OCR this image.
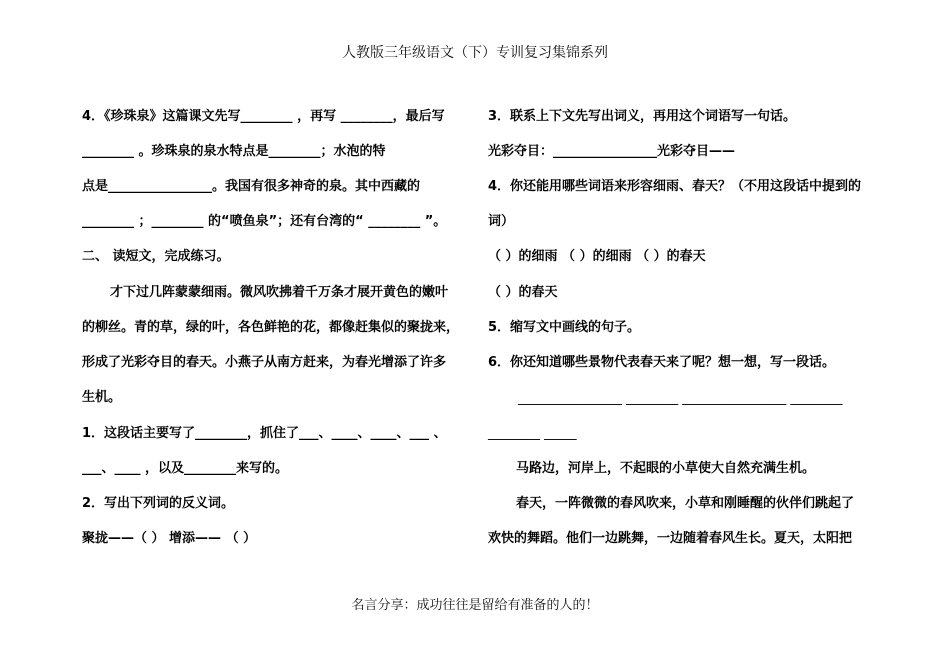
人教版三年级语文（下）专训复习集锦系列
4．《珍珠泉》这篇课文先写________ ，再写 ________，最后写
________ 。珍珠泉的泉水特点是________；水泡的特
点是________________。我国有很多神奇的泉。其中西藏的
________ ；________ 的“喷鱼泉”；还有台湾的“ ________ ”。
二、 读短文，完成练习。
才下过几阵蒙蒙细雨。微风吹拂着千万条才展开黄色的嫩叶
的柳丝。青的草，绿的叶，各色鲜艳的花，都像赶集似的聚拢来，
形成了光彩夺目的春天。小燕子从南方赶来，为春光增添了许多
生机。
1．这段话主要写了________，抓住了___、____、____、___ 、
___、____ ，以及________来写的。
2．写出下列词的反义词。
聚拢——（ ） 增添—— （ ）
3．联系上下文先写出词义，再用这个词语写一句话。
光彩夺目：________________光彩夺目——
4．你还能用哪些词语来形容细雨、春天？（不用这段话中提到的
词）
（ ）的细雨 （ ）的细雨 （ ）的春天
（ ）的春天
5．缩写文中画线的句子。
6．你还知道哪些景物代表春天来了呢？想一想，写一段话。
________________ ________ ________________ ________
________ _____
马路边，河岸上，不起眼的小草使大自然充满生机。
春天，一阵微微的春风吹来，小草和刚睡醒的伙伴们跳起了
欢快的舞蹈。他们一边跳舞，一边随着春风生长。夏天，太阳把
名言分享：成功往往是留给有准备的人的！
